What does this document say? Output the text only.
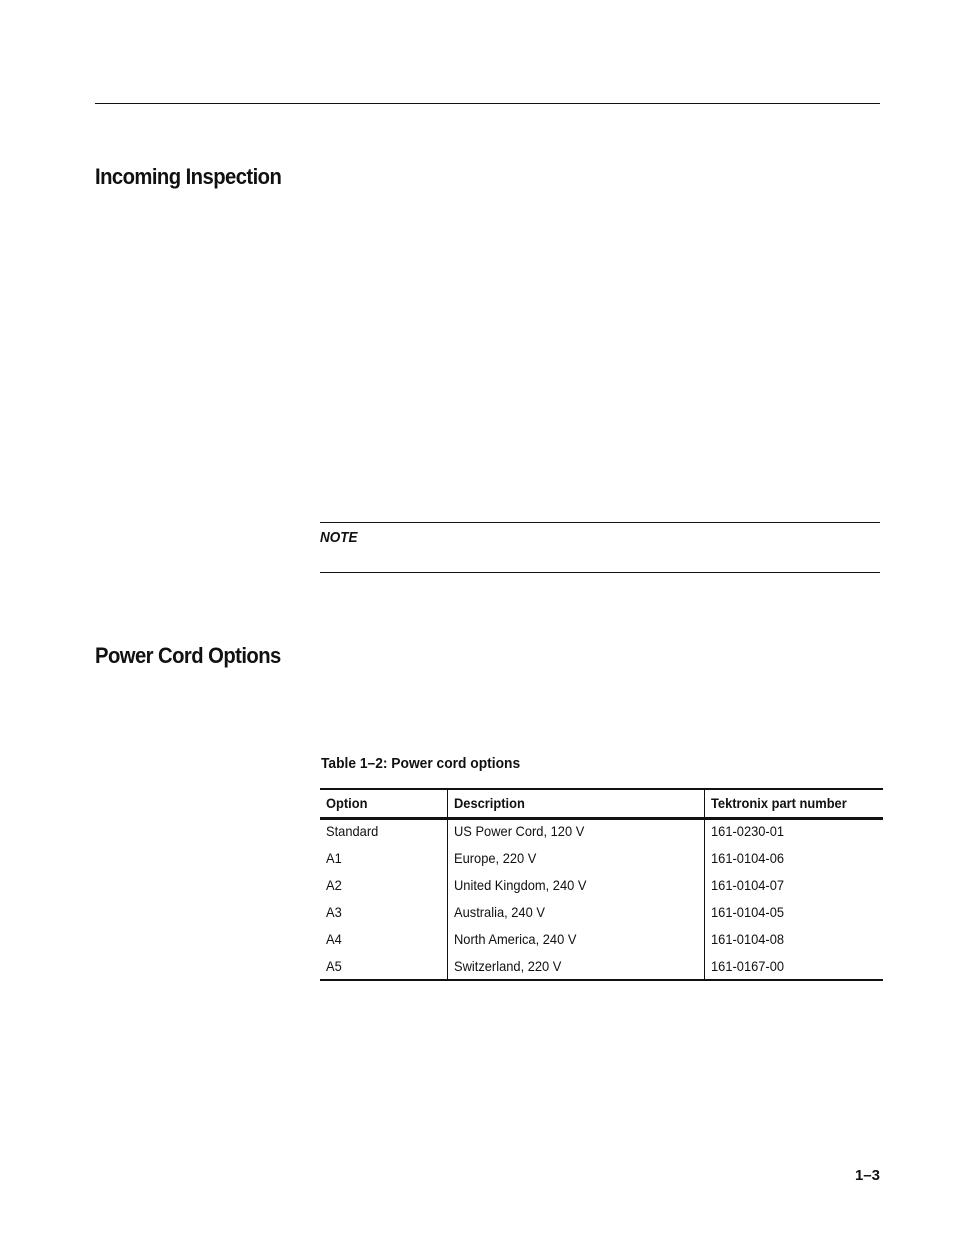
Incoming Inspection
NOTE
Power Cord Options
Table 1–2: Power cord options
Option	Description	Tektronix part number
Standard	US Power Cord, 120 V	161-0230-01
A1	Europe, 220 V	161-0104-06
A2	United Kingdom, 240 V	161-0104-07
A3	Australia, 240 V	161-0104-05
A4	North America, 240 V	161-0104-08
A5	Switzerland, 220 V	161-0167-00
1–3
